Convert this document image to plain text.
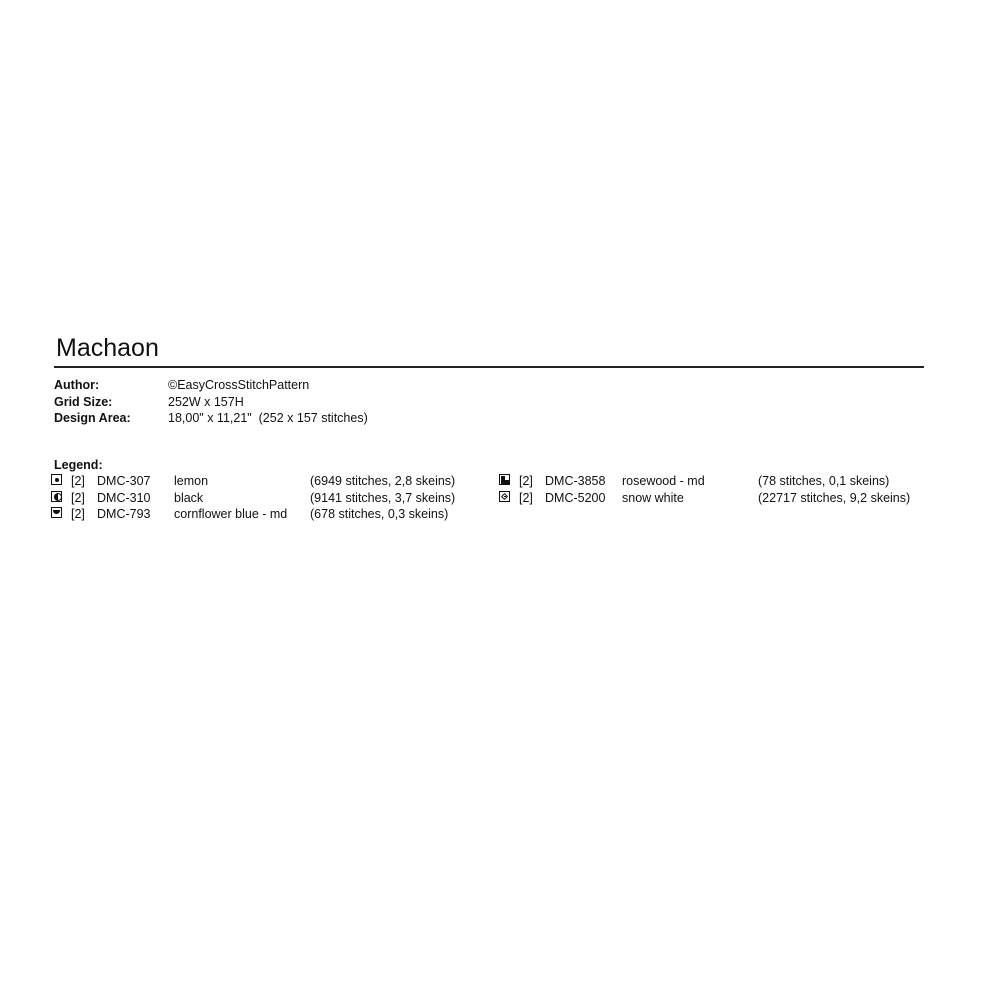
Machaon
Author:	©EasyCrossStitchPattern
Grid Size:	252W x 157H
Design Area:	18,00" x 11,21"  (252 x 157 stitches)
Legend:
[2] DMC-307 lemon	(6949 stitches, 2,8 skeins)
[2] DMC-310 black	(9141 stitches, 3,7 skeins)
[2] DMC-793 cornflower blue - md (678 stitches, 0,3 skeins)
[2] DMC-3858 rosewood - md	(78 stitches, 0,1 skeins)
[2] DMC-5200 snow white	(22717 stitches, 9,2 skeins)
